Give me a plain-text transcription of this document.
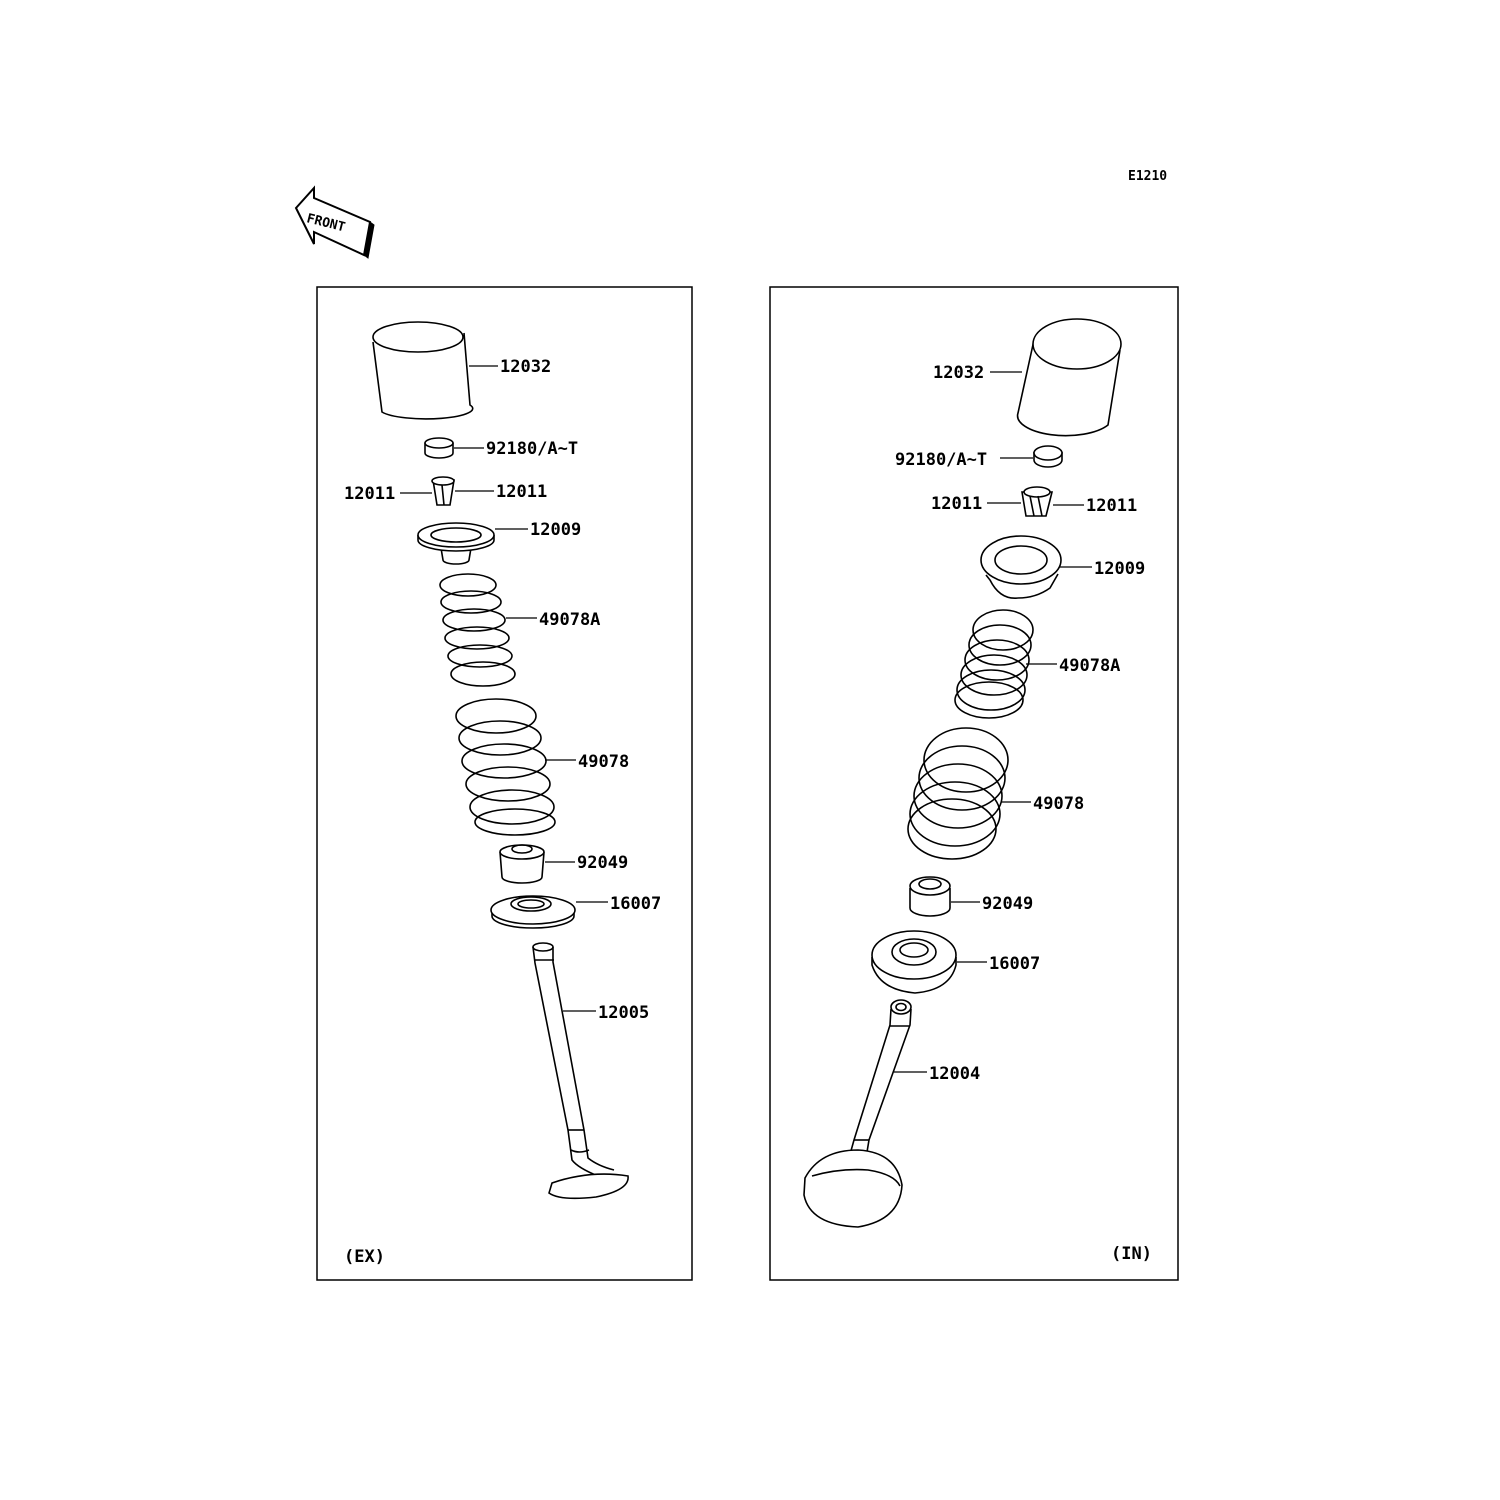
E1210
FRONT
12032
92180/A~T
12011	12011
12009
49078A
49078
92049
16007
12005
(EX)
12032
92180/A~T
12011	12011
12009
49078A
49078
92049
16007
12004
(IN)
